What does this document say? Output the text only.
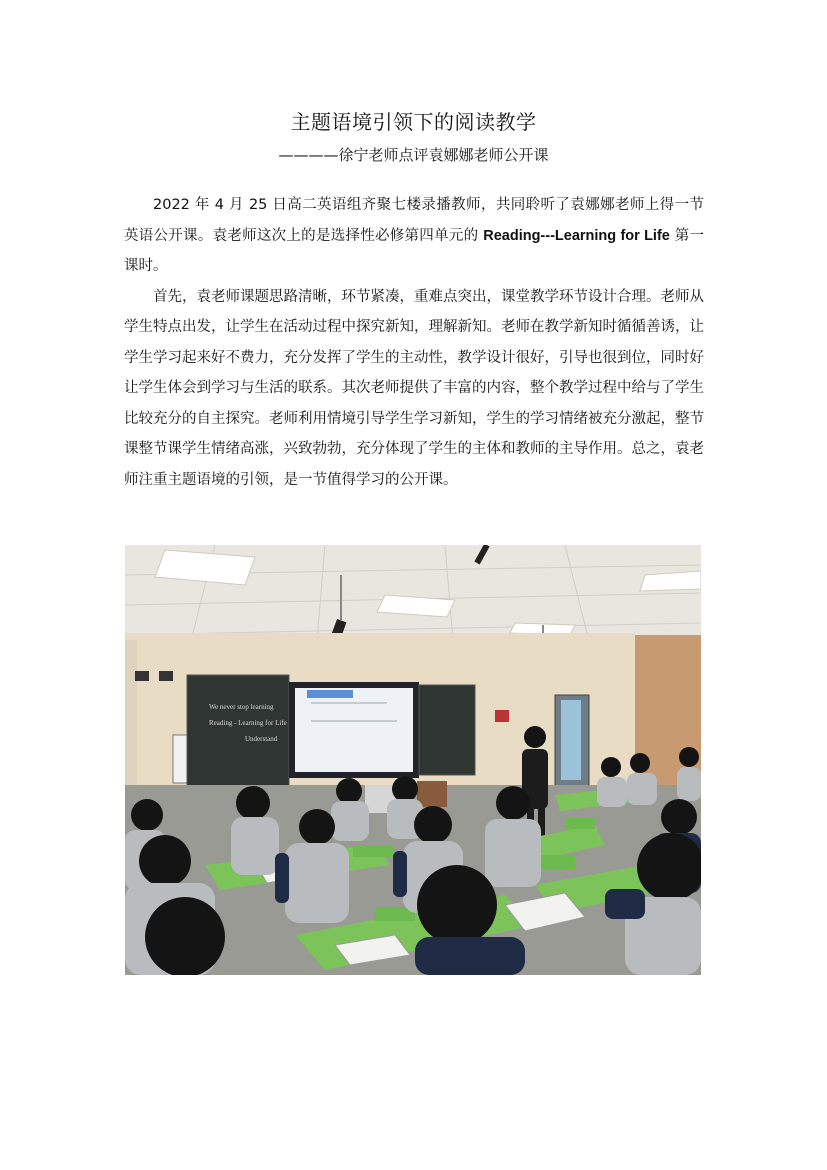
主题语境引领下的阅读教学
————徐宁老师点评袁娜娜老师公开课

2022 年 4 月 25 日高二英语组齐聚七楼录播教师，共同聆听了袁娜娜老师上得一节英语公开课。袁老师这次上的是选择性必修第四单元的 Reading---Learning for Life 第一课时。

首先，袁老师课题思路清晰，环节紧凑，重难点突出，课堂教学环节设计合理。老师从学生特点出发，让学生在活动过程中探究新知，理解新知。老师在教学新知时循循善诱，让学生学习起来好不费力，充分发挥了学生的主动性，教学设计很好，引导也很到位，同时好让学生体会到学习与生活的联系。其次老师提供了丰富的内容，整个教学过程中给与了学生比较充分的自主探究。老师利用情境引导学生学习新知，学生的学习情绪被充分激起，整节课整节课学生情绪高涨，兴致勃勃，充分体现了学生的主体和教师的主导作用。总之，袁老师注重主题语境的引领，是一节值得学习的公开课。

We never stop learning
Reading - Learning for Life
Understand
